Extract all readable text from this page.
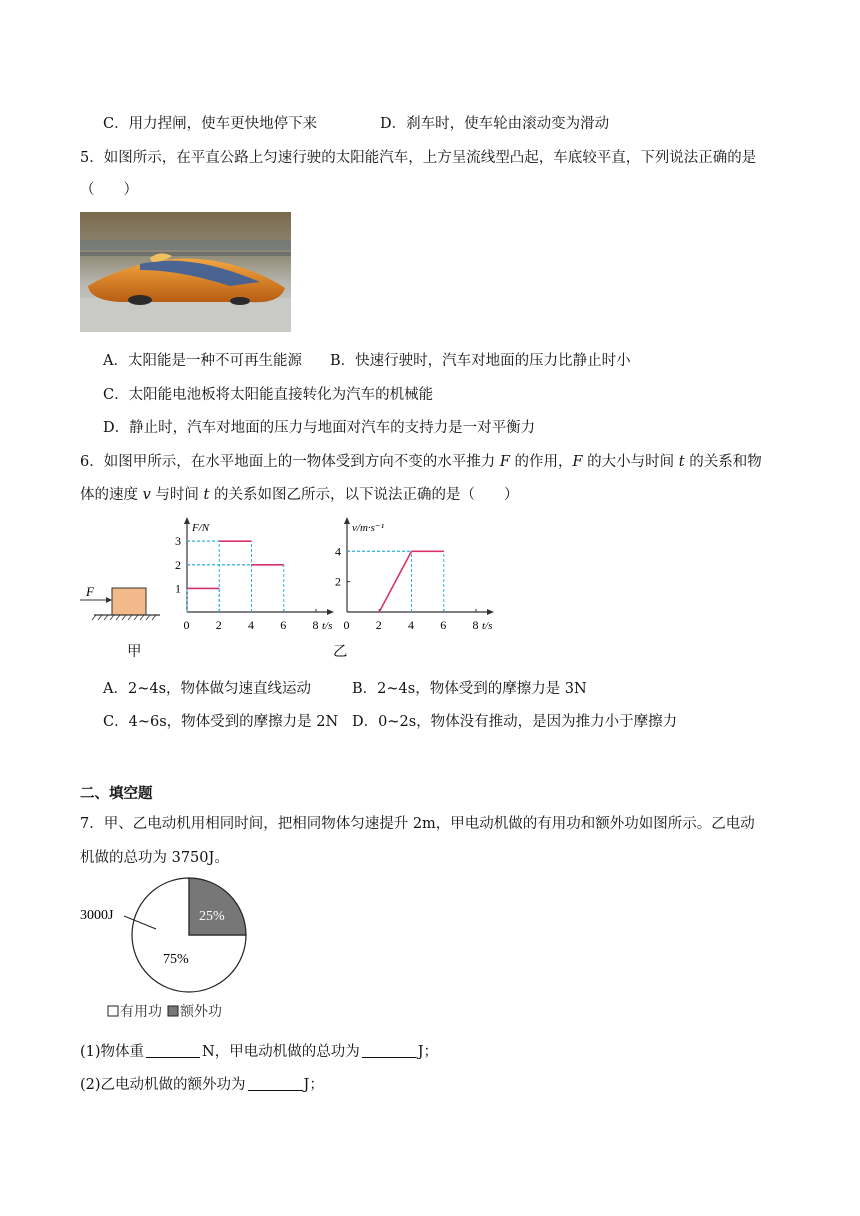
C．用力捏闸，使车更快地停下来	D．刹车时，使车轮由滚动变为滑动
5．如图所示，在平直公路上匀速行驶的太阳能汽车，上方呈流线型凸起，车底较平直，下列说法正确的是
（　　）
A．太阳能是一种不可再生能源 B．快速行驶时，汽车对地面的压力比静止时小
C．太阳能电池板将太阳能直接转化为汽车的机械能
D．静止时，汽车对地面的压力与地面对汽车的支持力是一对平衡力
6．如图甲所示，在水平地面上的一物体受到方向不变的水平推力 F 的作用，F 的大小与时间 t 的关系和物
体的速度 v 与时间 t 的关系如图乙所示，以下说法正确的是（　　）
F
甲	乙
F/N
t/s
0 2 4 6 8
1
2
3
v/m·s⁻¹
t/s
0 2 4 6 8
2
4
A．2~4s，物体做匀速直线运动	B．2~4s，物体受到的摩擦力是 3N
C．4~6s，物体受到的摩擦力是 2N D．0~2s，物体没有推动，是因为推力小于摩擦力
二、填空题
7．甲、乙电动机用相同时间，把相同物体匀速提升 2m，甲电动机做的有用功和额外功如图所示。乙电动
机做的总功为 3750J。
25%
75%
3000J
有用功 额外功
(1)物体重	N，甲电动机做的总功为	J；
(2)乙电动机做的额外功为	J；
